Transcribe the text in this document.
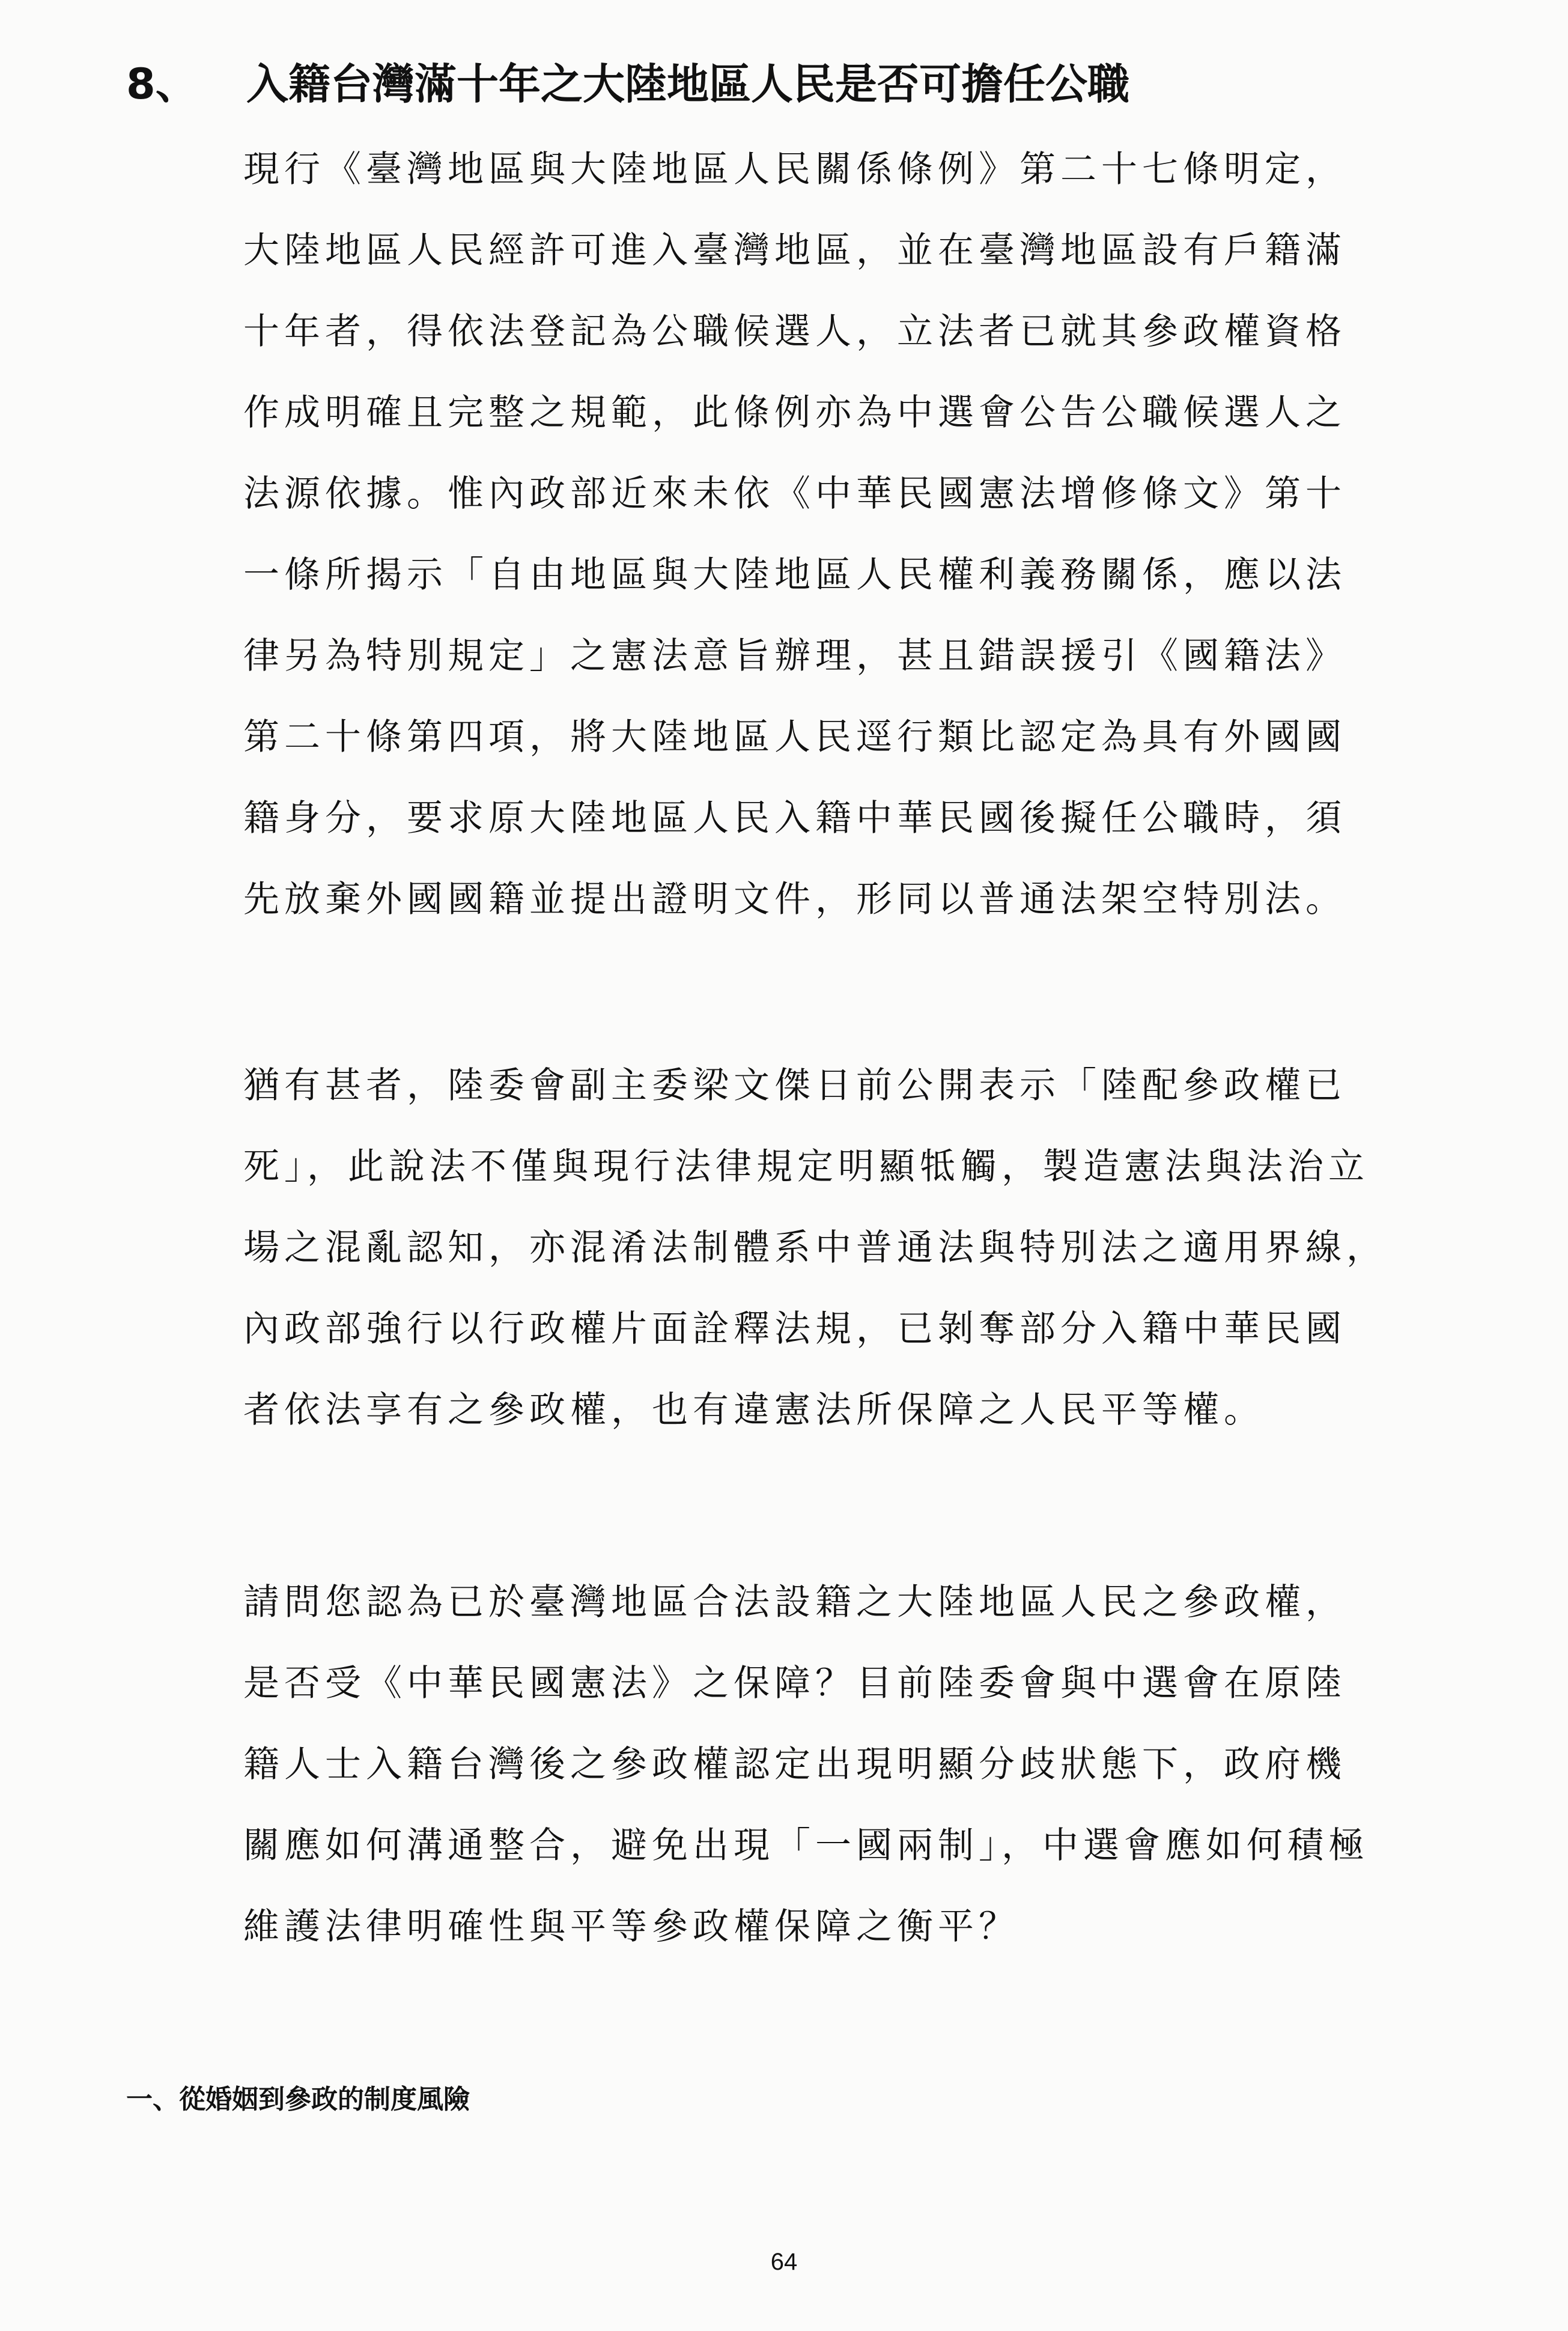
8、 入籍台灣滿十年之大陸地區人民是否可擔任公職
現行《臺灣地區與大陸地區人民關係條例》第二十七條明定，
大陸地區人民經許可進入臺灣地區，並在臺灣地區設有戶籍滿
十年者，得依法登記為公職候選人，立法者已就其參政權資格
作成明確且完整之規範，此條例亦為中選會公告公職候選人之
法源依據。惟內政部近來未依《中華民國憲法增修條文》第十
一條所揭示「自由地區與大陸地區人民權利義務關係，應以法
律另為特別規定」之憲法意旨辦理，甚且錯誤援引《國籍法》
第二十條第四項，將大陸地區人民逕行類比認定為具有外國國
籍身分，要求原大陸地區人民入籍中華民國後擬任公職時，須
先放棄外國國籍並提出證明文件，形同以普通法架空特別法。
猶有甚者，陸委會副主委梁文傑日前公開表示「陸配參政權已
死」，此說法不僅與現行法律規定明顯牴觸，製造憲法與法治立
場之混亂認知，亦混淆法制體系中普通法與特別法之適用界線，
內政部強行以行政權片面詮釋法規，已剝奪部分入籍中華民國
者依法享有之參政權，也有違憲法所保障之人民平等權。
請問您認為已於臺灣地區合法設籍之大陸地區人民之參政權，
是否受《中華民國憲法》之保障？目前陸委會與中選會在原陸
籍人士入籍台灣後之參政權認定出現明顯分歧狀態下，政府機
關應如何溝通整合，避免出現「一國兩制」，中選會應如何積極
維護法律明確性與平等參政權保障之衡平？
一、從婚姻到參政的制度風險
64
